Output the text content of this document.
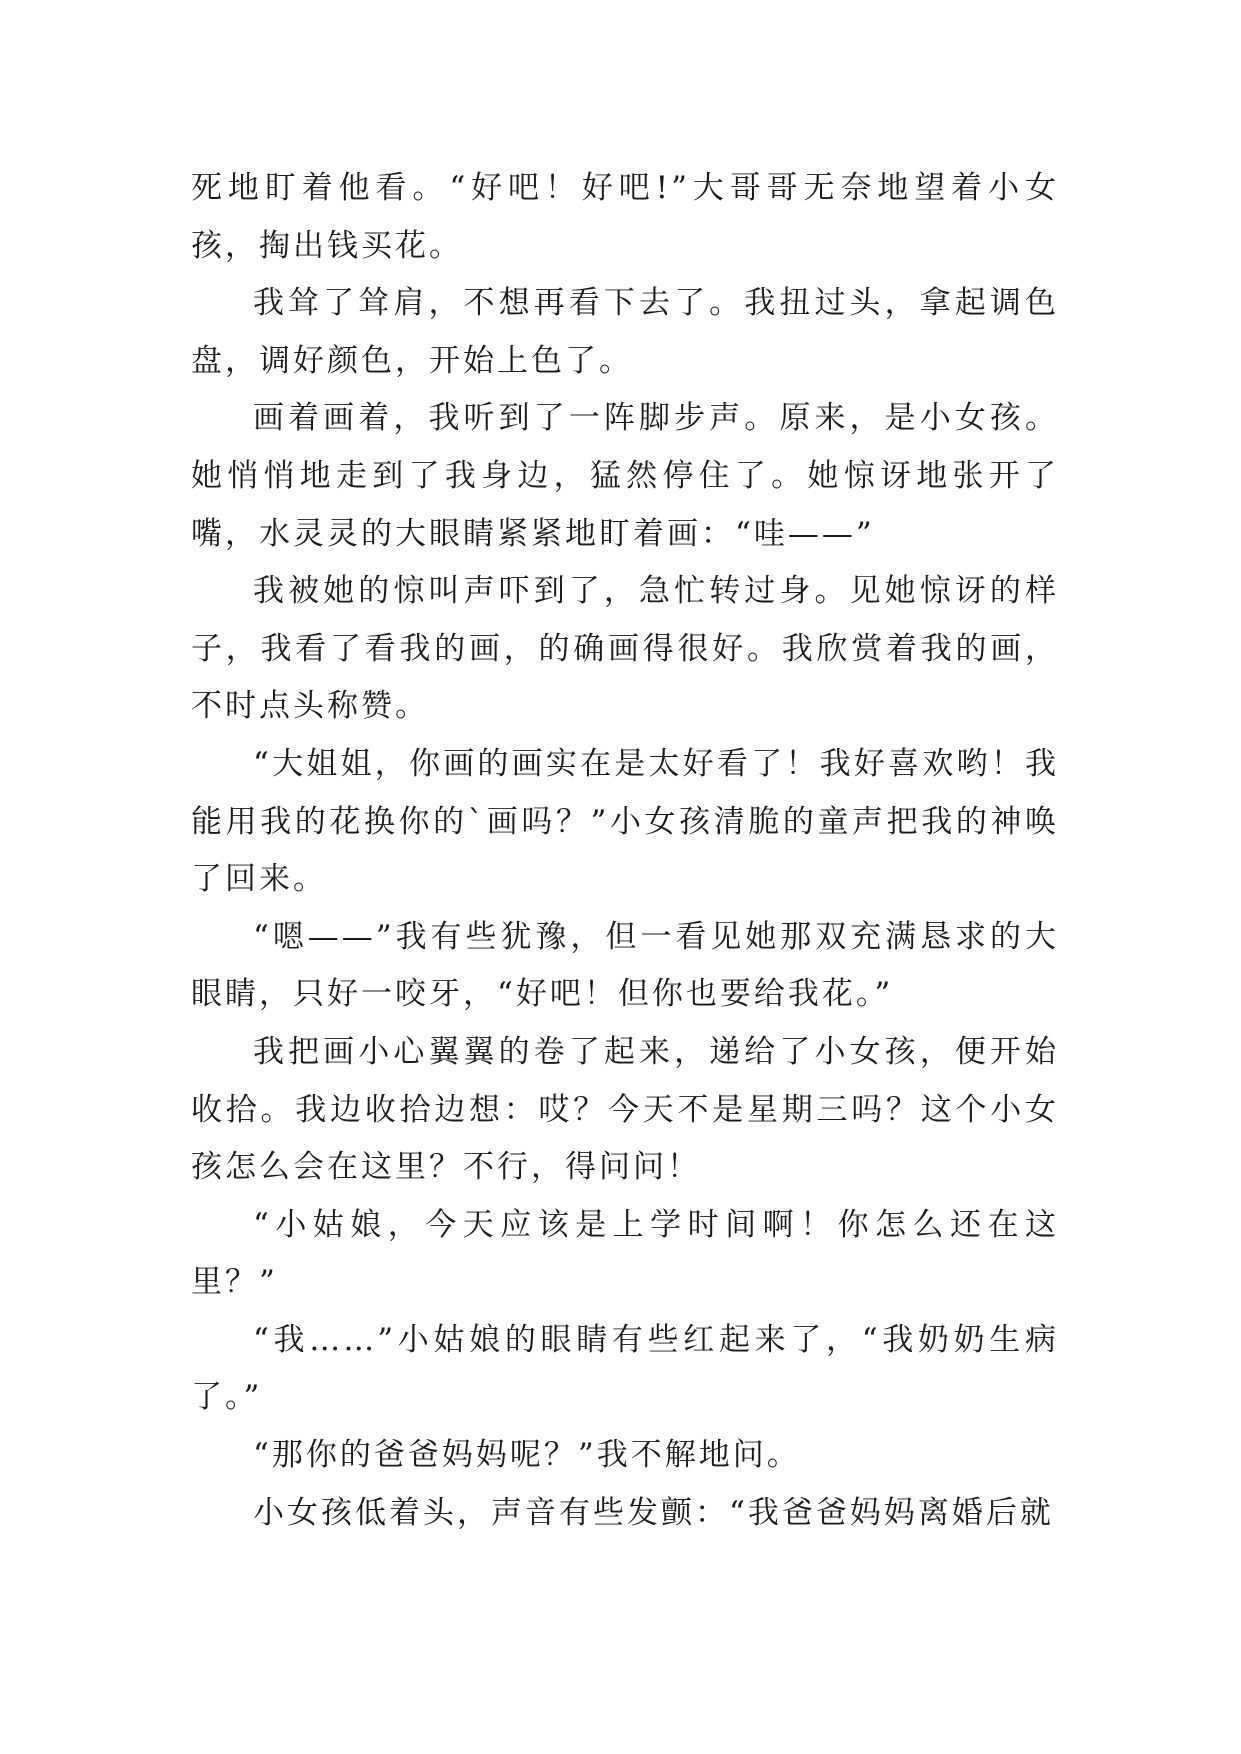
死地盯着他看。“好吧！好吧!”大哥哥无奈地望着小女孩，掏出钱买花。

我耸了耸肩，不想再看下去了。我扭过头，拿起调色盘，调好颜色，开始上色了。

画着画着，我听到了一阵脚步声。原来，是小女孩。她悄悄地走到了我身边，猛然停住了。她惊讶地张开了嘴，水灵灵的大眼睛紧紧地盯着画：“哇——”

我被她的惊叫声吓到了，急忙转过身。见她惊讶的样子，我看了看我的画，的确画得很好。我欣赏着我的画，不时点头称赞。

“大姐姐，你画的画实在是太好看了！我好喜欢哟！我能用我的花换你的`画吗？”小女孩清脆的童声把我的神唤了回来。

“嗯——”我有些犹豫，但一看见她那双充满恳求的大眼睛，只好一咬牙，“好吧！但你也要给我花。”

我把画小心翼翼的卷了起来，递给了小女孩，便开始收拾。我边收拾边想：哎？今天不是星期三吗？这个小女孩怎么会在这里？不行，得问问！

“小姑娘，今天应该是上学时间啊！你怎么还在这里？”

“我……”小姑娘的眼睛有些红起来了，“我奶奶生病了。”

“那你的爸爸妈妈呢？”我不解地问。

小女孩低着头，声音有些发颤：“我爸爸妈妈离婚后就
